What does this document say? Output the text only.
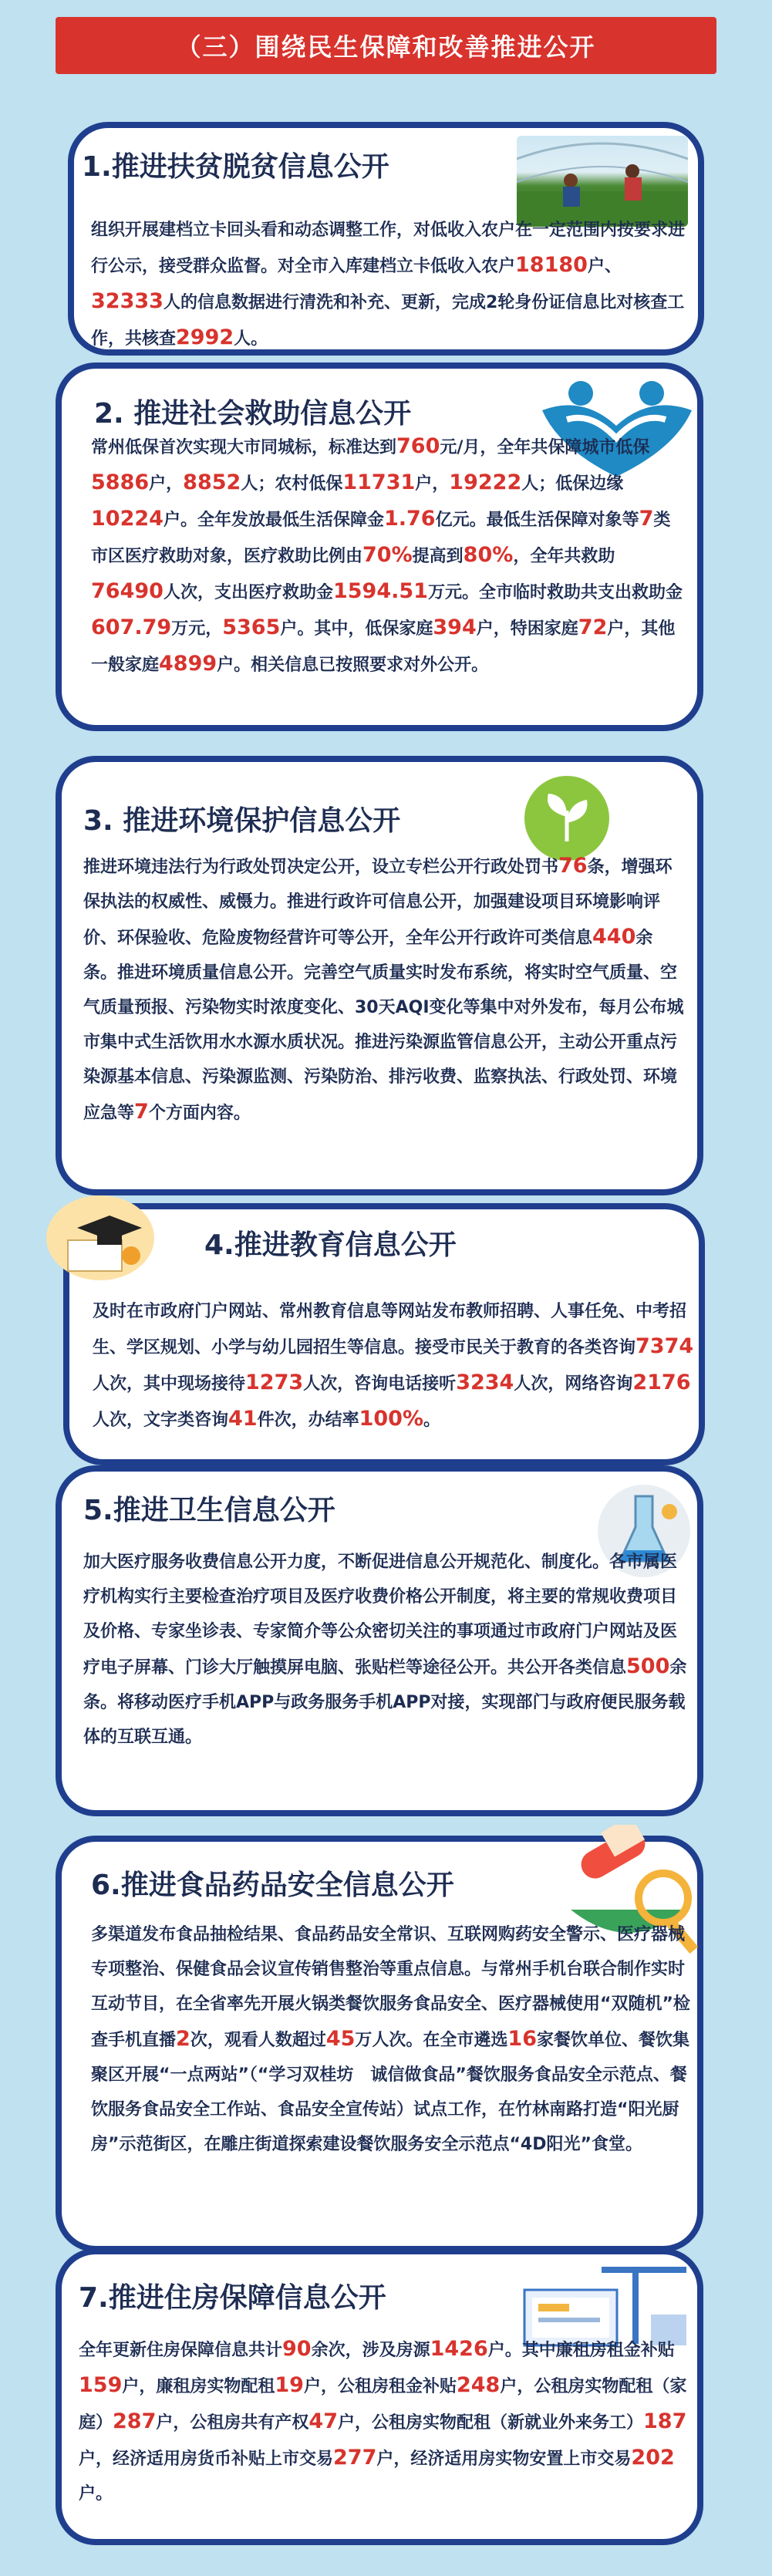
（三）围绕民生保障和改善推进公开
1.推进扶贫脱贫信息公开
组织开展建档立卡回头看和动态调整工作，对低收入农户在一定范围内按要求进行公示，接受群众监督。对全市入库建档立卡低收入农户18180户、32333人的信息数据进行清洗和补充、更新，完成2轮身份证信息比对核查工作，共核查2992人。
2. 推进社会救助信息公开
常州低保首次实现大市同城标，标准达到760元/月，全年共保障城市低保5886户，8852人；农村低保11731户，19222人；低保边缘10224户。全年发放最低生活保障金1.76亿元。最低生活保障对象等7类市区医疗救助对象，医疗救助比例由70%提高到80%，全年共救助76490人次，支出医疗救助金1594.51万元。全市临时救助共支出救助金607.79万元，5365户。其中，低保家庭394户，特困家庭72户，其他一般家庭4899户。相关信息已按照要求对外公开。
3. 推进环境保护信息公开
推进环境违法行为行政处罚决定公开，设立专栏公开行政处罚书76条，增强环保执法的权威性、威慑力。推进行政许可信息公开，加强建设项目环境影响评价、环保验收、危险废物经营许可等公开，全年公开行政许可类信息440余条。推进环境质量信息公开。完善空气质量实时发布系统，将实时空气质量、空气质量预报、污染物实时浓度变化、30天AQI变化等集中对外发布，每月公布城市集中式生活饮用水水源水质状况。推进污染源监管信息公开，主动公开重点污染源基本信息、污染源监测、污染防治、排污收费、监察执法、行政处罚、环境应急等7个方面内容。
4.推进教育信息公开
及时在市政府门户网站、常州教育信息等网站发布教师招聘、人事任免、中考招生、学区规划、小学与幼儿园招生等信息。接受市民关于教育的各类咨询7374人次，其中现场接待1273人次，咨询电话接听3234人次，网络咨询2176人次，文字类咨询41件次，办结率100%。
5.推进卫生信息公开
加大医疗服务收费信息公开力度，不断促进信息公开规范化、制度化。各市属医疗机构实行主要检查治疗项目及医疗收费价格公开制度，将主要的常规收费项目及价格、专家坐诊表、专家简介等公众密切关注的事项通过市政府门户网站及医疗电子屏幕、门诊大厅触摸屏电脑、张贴栏等途径公开。共公开各类信息500余条。将移动医疗手机APP与政务服务手机APP对接，实现部门与政府便民服务载体的互联互通。
6.推进食品药品安全信息公开
多渠道发布食品抽检结果、食品药品安全常识、互联网购药安全警示、医疗器械专项整治、保健食品会议宣传销售整治等重点信息。与常州手机台联合制作实时互动节目，在全省率先开展火锅类餐饮服务食品安全、医疗器械使用“双随机”检查手机直播2次，观看人数超过45万人次。在全市遴选16家餐饮单位、餐饮集聚区开展“一点两站”（“学习双桂坊　诚信做食品”餐饮服务食品安全示范点、餐饮服务食品安全工作站、食品安全宣传站）试点工作，在竹林南路打造“阳光厨房”示范街区，在雕庄街道探索建设餐饮服务安全示范点“4D阳光”食堂。
7.推进住房保障信息公开
全年更新住房保障信息共计90余次，涉及房源1426户。其中廉租房租金补贴159户，廉租房实物配租19户，公租房租金补贴248户，公租房实物配租（家庭）287户，公租房共有产权47户，公租房实物配租（新就业外来务工）187户，经济适用房货币补贴上市交易277户，经济适用房实物安置上市交易202户。
